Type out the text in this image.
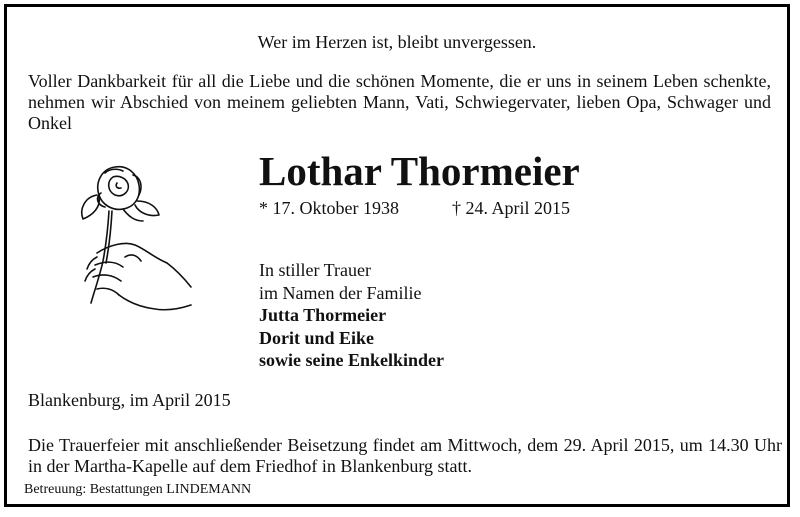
Wer im Herzen ist, bleibt unvergessen.
Voller Dankbarkeit für all die Liebe und die schönen Momente, die er uns in seinem Leben schenkte, nehmen wir Abschied von meinem geliebten Mann, Vati, Schwiegervater, lieben Opa, Schwager und Onkel
Lothar Thormeier
* 17. Oktober 1938	† 24. April 2015
In stiller Trauer
im Namen der Familie
Jutta Thormeier
Dorit und Eike
sowie seine Enkelkinder
Blankenburg, im April 2015
Die Trauerfeier mit anschließender Beisetzung findet am Mittwoch, dem 29. April 2015, um 14.30 Uhr in der Martha-Kapelle auf dem Friedhof in Blankenburg statt.
Betreuung: Bestattungen LINDEMANN
